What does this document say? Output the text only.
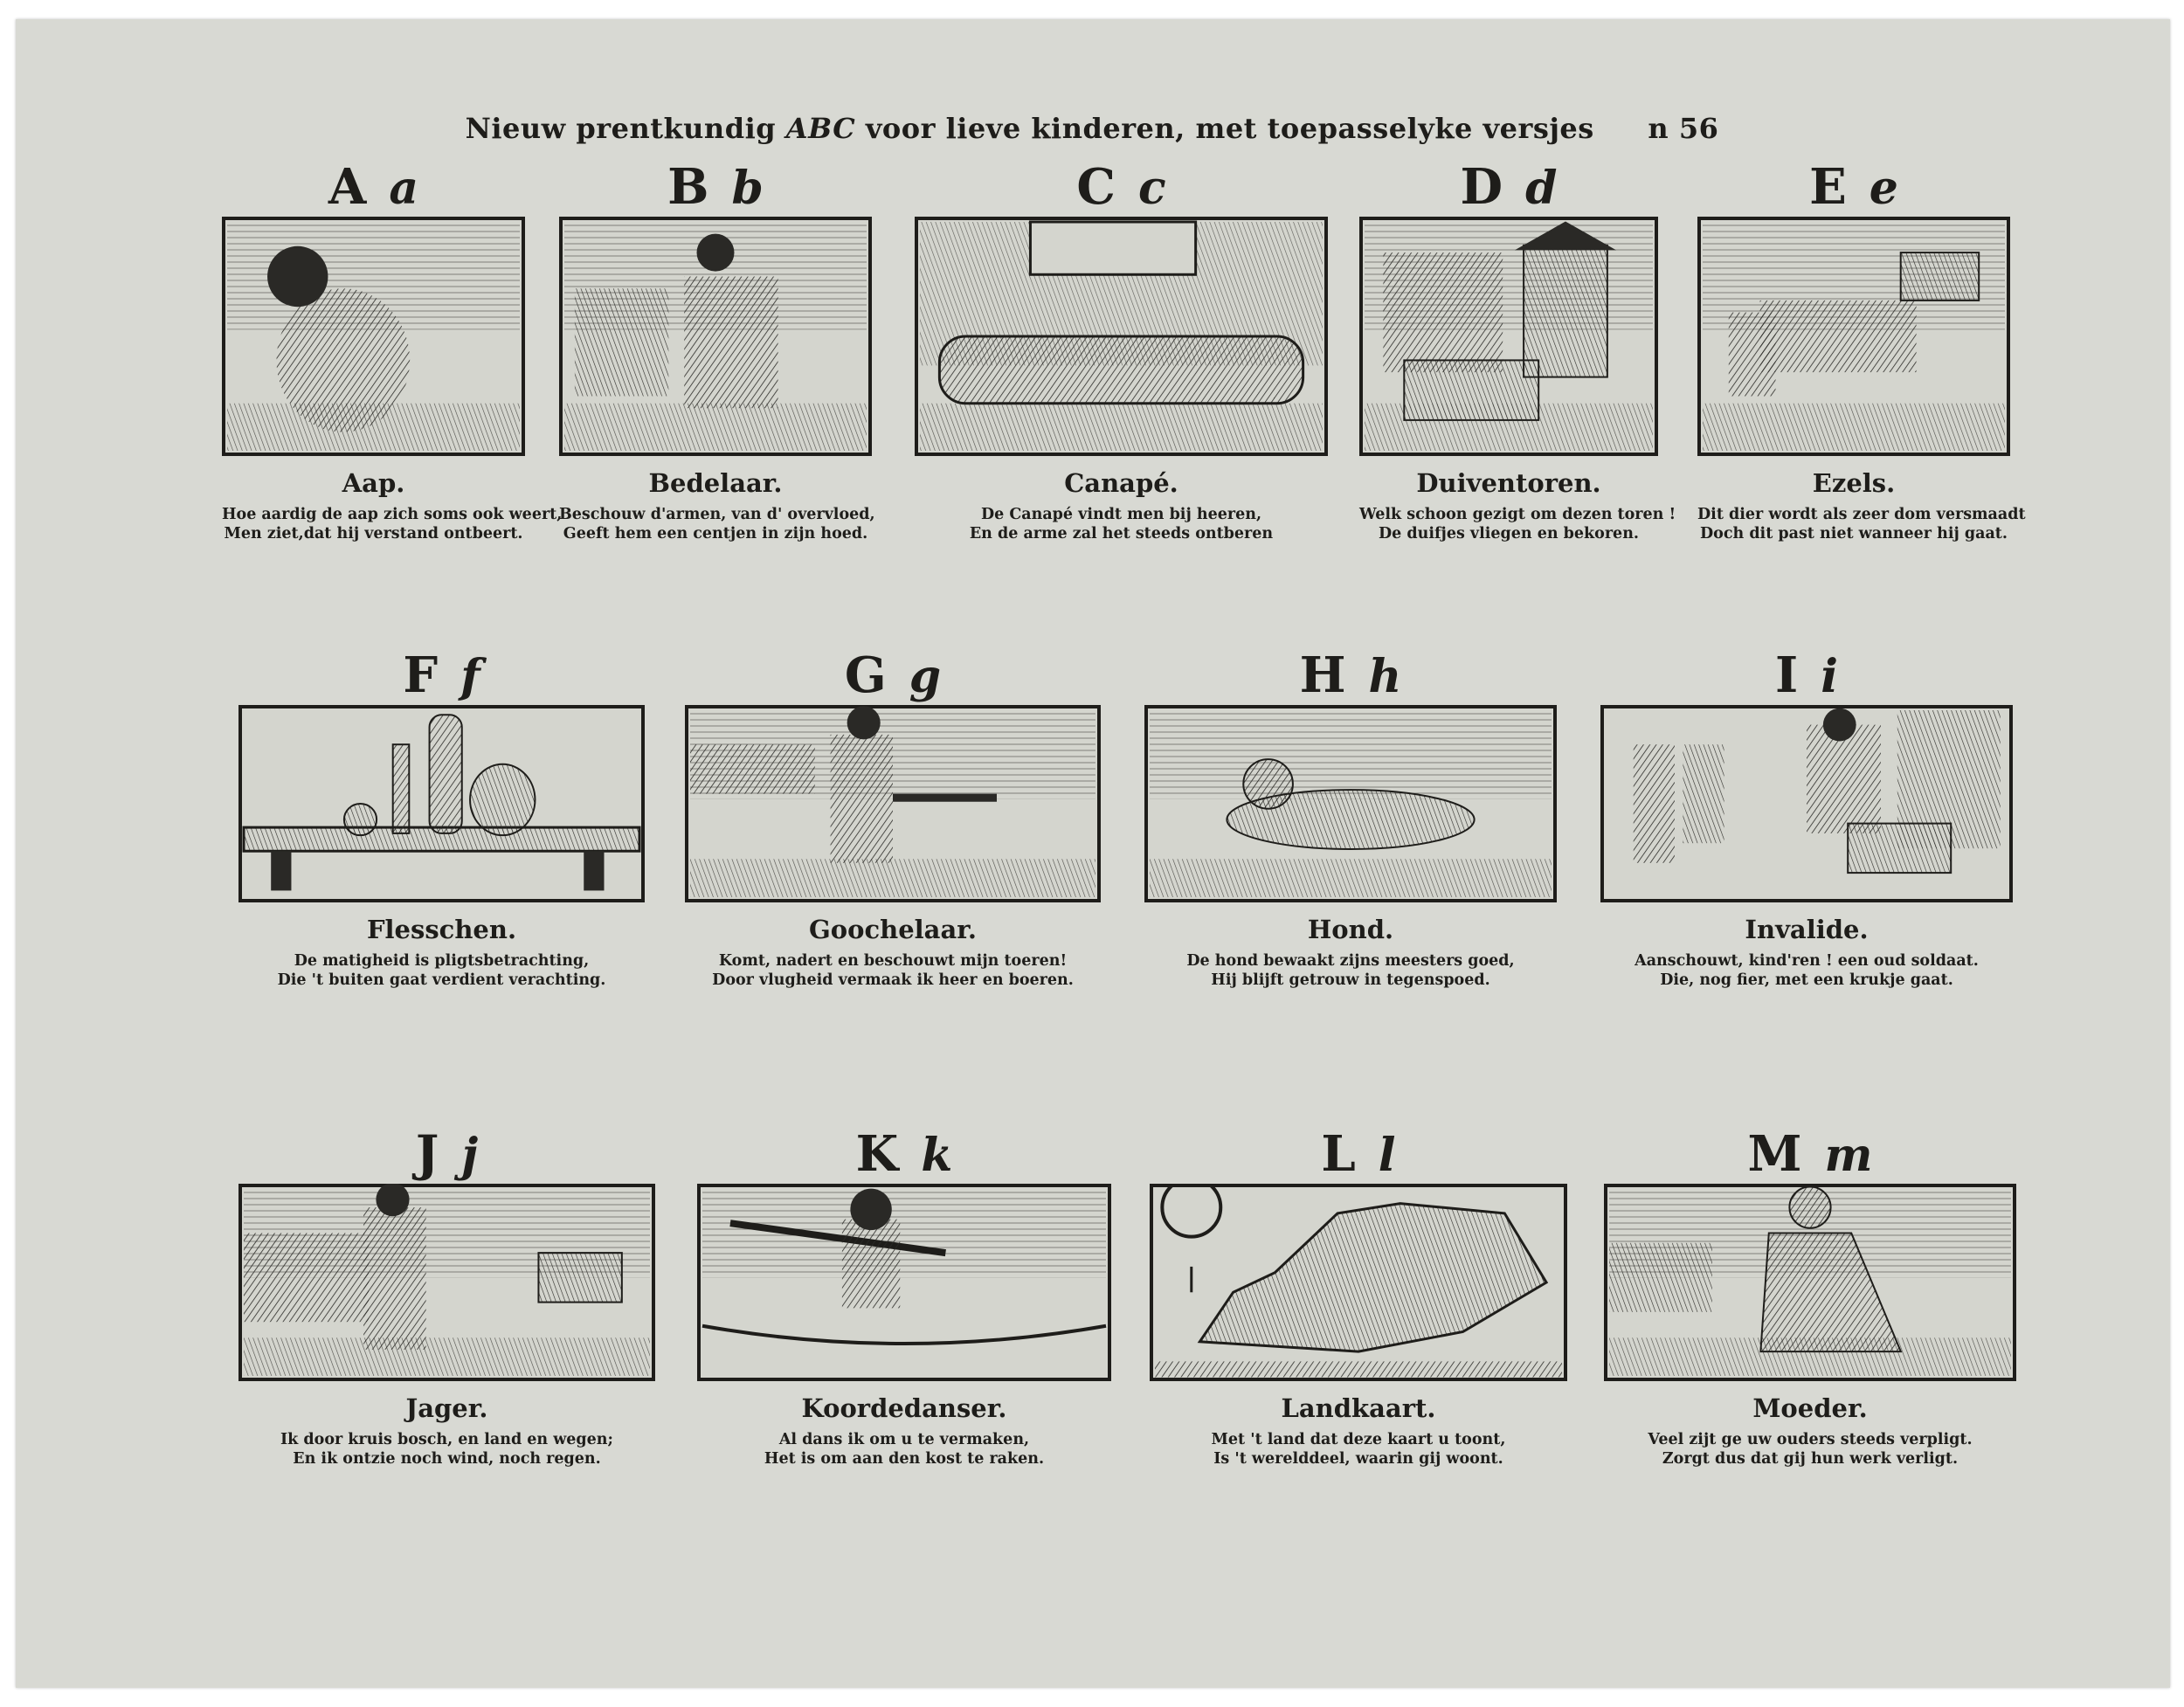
Nieuw prentkundig ABC voor lieve kinderen, met toepasselyke versjes n 56
A a
Aap.
Hoe aardig de aap zich soms ook weert,
Men ziet,dat hij verstand ontbeert.
B b
Bedelaar.
Beschouw d'armen, van d' overvloed,
Geeft hem een centjen in zijn hoed.
C c
Canapé.
De Canapé vindt men bij heeren,
En de arme zal het steeds ontberen
D d
Duiventoren.
Welk schoon gezigt om dezen toren !
De duifjes vliegen en bekoren.
E e
Ezels.
Dit dier wordt als zeer dom versmaadt
Doch dit past niet wanneer hij gaat.
F f
Flesschen.
De matigheid is pligtsbetrachting,
Die 't buiten gaat verdient verachting.
G g
Goochelaar.
Komt, nadert en beschouwt mijn toeren!
Door vlugheid vermaak ik heer en boeren.
H h
Hond.
De hond bewaakt zijns meesters goed,
Hij blijft getrouw in tegenspoed.
I i
Invalide.
Aanschouwt, kind'ren ! een oud soldaat.
Die, nog fier, met een krukje gaat.
J j
Jager.
Ik door kruis bosch, en land en wegen;
En ik ontzie noch wind, noch regen.
K k
Koordedanser.
Al dans ik om u te vermaken,
Het is om aan den kost te raken.
L l
Landkaart.
Met 't land dat deze kaart u toont,
Is 't werelddeel, waarin gij woont.
M m
Moeder.
Veel zijt ge uw ouders steeds verpligt.
Zorgt dus dat gij hun werk verligt.
